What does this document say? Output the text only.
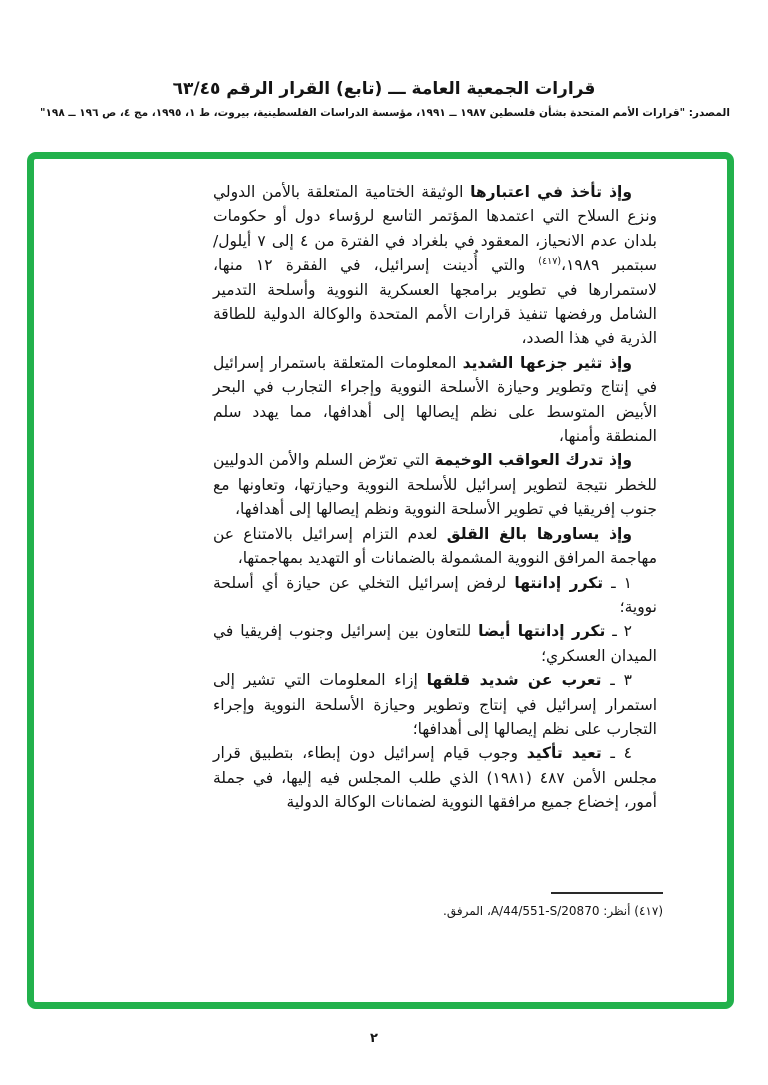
قرارات الجمعية العامة ـــ (تابع) القرار الرقم ٦٣/٤٥
المصدر: "قرارات الأمم المتحدة بشأن فلسطين ١٩٨٧ ــ ١٩٩١، مؤسسة الدراسات الفلسطينية، بيروت، ط ١، ١٩٩٥، مج ٤، ص ١٩٦ ــ ١٩٨"

وإذ تأخذ في اعتبارها الوثيقة الختامية المتعلقة بالأمن الدولي ونزع السلاح التي اعتمدها المؤتمر التاسع لرؤساء دول أو حكومات بلدان عدم الانحياز، المعقود في بلغراد في الفترة من ٤ إلى ٧ أيلول/سبتمبر ١٩٨٩،$^{(٤١٧)}$ والتي أُدينت إسرائيل، في الفقرة ١٢ منها، لاستمرارها في تطوير برامجها العسكرية النووية وأسلحة التدمير الشامل ورفضها تنفيذ قرارات الأمم المتحدة والوكالة الدولية للطاقة الذرية في هذا الصدد،

وإذ تثير جزعها الشديد المعلومات المتعلقة باستمرار إسرائيل في إنتاج وتطوير وحيازة الأسلحة النووية وإجراء التجارب في البحر الأبيض المتوسط على نظم إيصالها إلى أهدافها، مما يهدد سلم المنطقة وأمنها،

وإذ تدرك العواقب الوخيمة التي تعرّض السلم والأمن الدوليين للخطر نتيجة لتطوير إسرائيل للأسلحة النووية وحيازتها، وتعاونها مع جنوب إفريقيا في تطوير الأسلحة النووية ونظم إيصالها إلى أهدافها،

وإذ يساورها بالغ القلق لعدم التزام إسرائيل بالامتناع عن مهاجمة المرافق النووية المشمولة بالضمانات أو التهديد بمهاجمتها،

١ ـ تكرر إدانتها لرفض إسرائيل التخلي عن حيازة أي أسلحة نووية؛

٢ ـ تكرر إدانتها أيضا للتعاون بين إسرائيل وجنوب إفريقيا في الميدان العسكري؛

٣ ـ تعرب عن شديد قلقها إزاء المعلومات التي تشير إلى استمرار إسرائيل في إنتاج وتطوير وحيازة الأسلحة النووية وإجراء التجارب على نظم إيصالها إلى أهدافها؛

٤ ـ تعيد تأكيد وجوب قيام إسرائيل دون إبطاء، بتطبيق قرار مجلس الأمن ٤٨٧ (١٩٨١) الذي طلب المجلس فيه إليها، في جملة أمور، إخضاع جميع مرافقها النووية لضمانات الوكالة الدولية

(٤١٧) أنظر: A/44/551-S/20870، المرفق.
٢
